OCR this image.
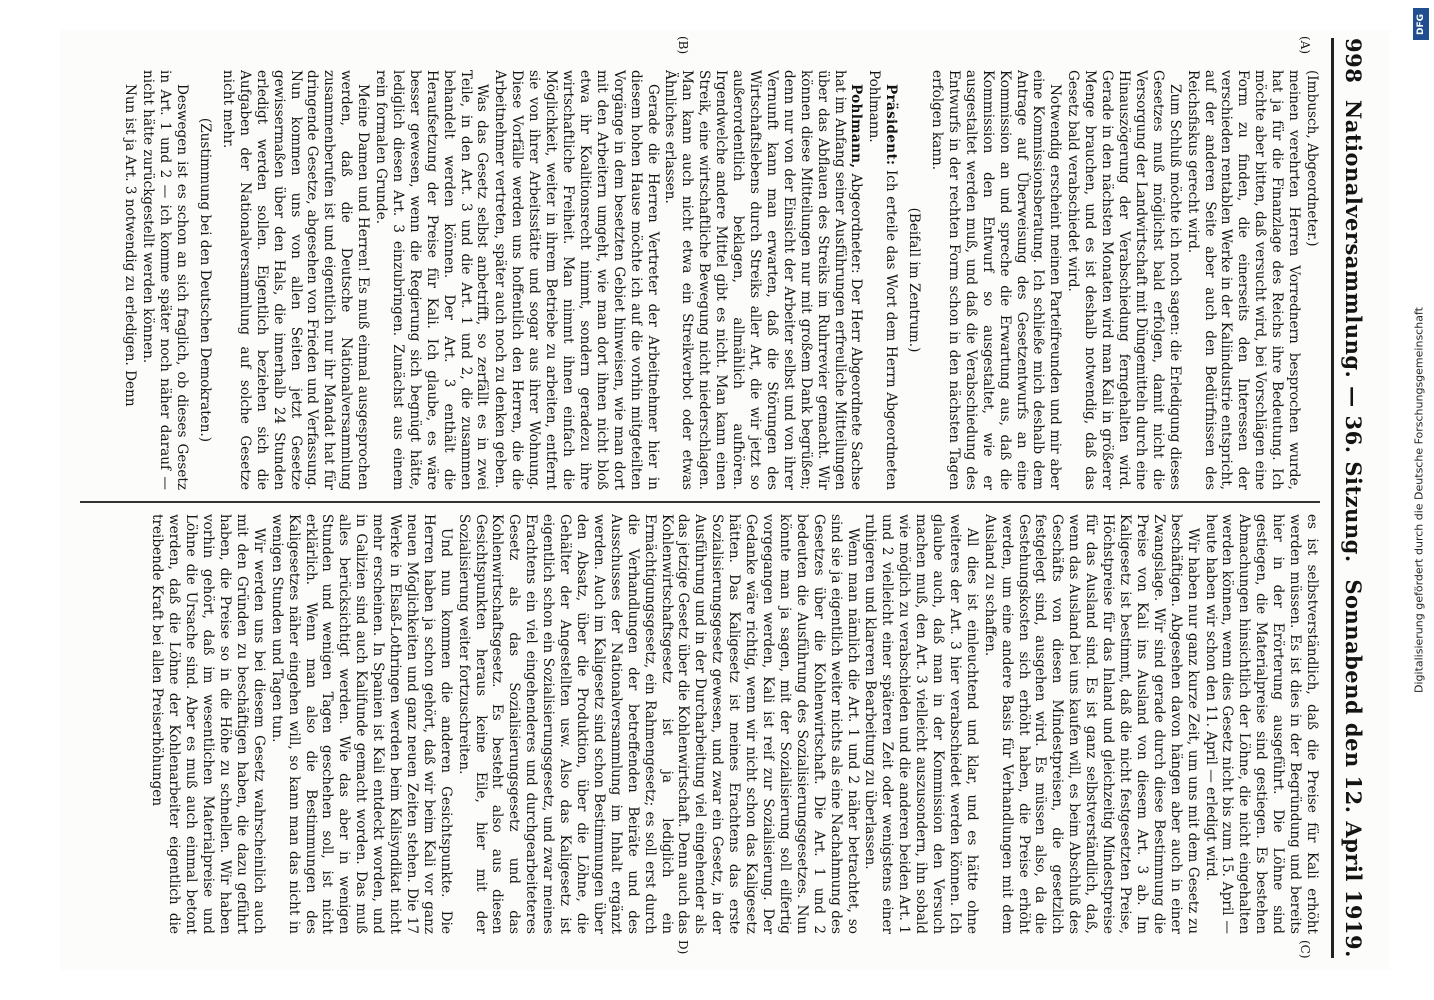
998
Nationalversammlung. — 36. Sitzung.
Sonnabend den 12. April 1919.
(A)
(B)
(C)
D)

(Imbusch, Abgeordneter.)

meinen verehrten Herren Vorrednern besprochen wurde, hat ja für die Finanzlage des Reichs ihre Bedeutung. Ich möchte aber bitten, daß versucht wird, bei Vorschlägen eine Form zu finden, die einerseits den Interessen der verschieden rentablen Werke in der Kaliindustrie entspricht, auf der anderen Seite aber auch den Bedürfnissen des Reichsfiskus gerecht wird.

Zum Schluß möchte ich noch sagen: die Erledigung dieses Gesetzes muß möglichst bald erfolgen, damit nicht die Versorgung der Landwirtschaft mit Düngemitteln durch eine Hinauszögerung der Verabschiedung ferngehalten wird. Gerade in den nächsten Monaten wird man Kali in größerer Menge brauchen, und es ist deshalb notwendig, daß das Gesetz bald verabschiedet wird.

Notwendig erscheint meinen Parteifreunden und mir aber eine Kommissionsberatung. Ich schließe mich deshalb dem Antrage auf Überweisung des Gesetzentwurfs an eine Kommission an und spreche die Erwartung aus, daß die Kommission den Entwurf so ausgestaltet, wie er ausgestaltet werden muß, und daß die Verabschiedung des Entwurfs in der rechten Form schon in den nächsten Tagen erfolgen kann.

(Beifall im Zentrum.)

Präsident: Ich erteile das Wort dem Herrn Abgeordneten Pohlmann.

Pohlmann, Abgeordneter: Der Herr Abgeordnete Sachse hat im Anfang seiner Ausführungen erfreuliche Mitteilungen über das Abflauen des Streiks im Ruhrrevier gemacht. Wir können diese Mitteilungen nur mit großem Dank begrüßen; denn nur von der Einsicht der Arbeiter selbst und von ihrer Vernunft kann man erwarten, daß die Störungen des Wirtschaftslebens durch Streiks aller Art, die wir jetzt so außerordentlich beklagen, allmählich aufhören. Irgendwelche andere Mittel gibt es nicht. Man kann einen Streik, eine wirtschaftliche Bewegung nicht niederschlagen. Man kann auch nicht etwa ein Streikverbot oder etwas Ähnliches erlassen.

Gerade die Herren Vertreter der Arbeitnehmer hier in diesem hohen Hause möchte ich auf die vorhin mitgeteilten Vorgänge in dem besetzten Gebiet hinweisen, wie man dort mit den Arbeitern umgeht, wie man dort ihnen nicht bloß etwa ihr Koalitionsrecht nimmt, sondern geradezu ihre wirtschaftliche Freiheit. Man nimmt ihnen einfach die Möglichkeit, weiter in ihrem Betriebe zu arbeiten, entfernt sie von ihrer Arbeitsstätte und sogar aus ihrer Wohnung. Diese Vorfälle werden uns hoffentlich den Herren, die die Arbeitnehmer vertreten, später auch noch zu denken geben.

Was das Gesetz selbst anbetrifft, so zerfällt es in zwei Teile, in den Art. 3 und die Art. 1 und 2, die zusammen behandelt werden können. Der Art. 3 enthält die Heraufsetzung der Preise für Kali. Ich glaube, es wäre besser gewesen, wenn die Regierung sich begnügt hätte, lediglich diesen Art. 3 einzubringen. Zunächst aus einem rein formalen Grunde.

Meine Damen und Herren! Es muß einmal ausgesprochen werden, daß die Deutsche Nationalversammlung zusammenberufen ist und eigentlich nur ihr Mandat hat für dringende Gesetze, abgesehen von Frieden und Verfassung. Nun kommen uns von allen Seiten jetzt Gesetze gewissermaßen über den Hals, die innerhalb 24 Stunden erledigt werden sollen. Eigentlich beziehen sich die Aufgaben der Nationalversammlung auf solche Gesetze nicht mehr.

(Zustimmung bei den Deutschen Demokraten.)

Deswegen ist es schon an sich fraglich, ob dieses Gesetz in Art. 1 und 2 — ich komme später noch näher darauf — nicht hätte zurückgestellt werden können.

Nun ist ja Art. 3 notwendig zu erledigen. Denn

es ist selbstverständlich, daß die Preise für Kali erhöht werden müssen. Es ist dies in der Begründung und bereits hier in der Erörterung ausgeführt. Die Löhne sind gestiegen, die Materialpreise sind gestiegen. Es bestehen Abmachungen hinsichtlich der Löhne, die nicht eingehalten werden können, wenn dies Gesetz nicht bis zum 15. April — heute haben wir schon den 11. April — erledigt wird.

Wir haben nur ganz kurze Zeit, um uns mit dem Gesetz zu beschäftigen. Abgesehen davon hängen aber auch in einer Zwangslage. Wir sind gerade durch diese Bestimmung die Preise von Kali ins Ausland von diesem Art. 3 ab. Im Kaligesetz ist bestimmt, daß die nicht festgesetzten Preise, Höchstpreise für das Inland und gleichzeitig Mindestpreise für das Ausland sind. Es ist ganz selbstverständlich, daß, wenn das Ausland bei uns kaufen will, es beim Abschluß des Geschäfts von diesen Mindestpreisen, die gesetzlich festgelegt sind, ausgehen wird. Es müssen also, da die Gestehungskosten sich erhöht haben, die Preise erhöht werden, um eine andere Basis für Verhandlungen mit dem Ausland zu schaffen.

All dies ist einleuchtend und klar, und es hätte ohne weiteres der Art. 3 hier verabschiedet werden können. Ich glaube auch, daß man in der Kommission den Versuch machen muß, den Art. 3 vielleicht auszusondern, ihn sobald wie möglich zu verabschieden und die anderen beiden Art. 1 und 2 vielleicht einer späteren Zeit oder wenigstens einer ruhigeren und klareren Bearbeitung zu überlassen.

Wenn man nämlich die Art. 1 und 2 näher betrachtet, so sind sie ja eigentlich weiter nichts als eine Nachahmung des Gesetzes über die Kohlenwirtschaft. Die Art. 1 und 2 bedeuten die Ausführung des Sozialisierungsgesetzes. Nun könnte man ja sagen, mit der Sozialisierung soll eilfertig vorgegangen werden, Kali ist reif zur Sozialisierung. Der Gedanke wäre richtig, wenn wir nicht schon das Kaligesetz hätten. Das Kaligesetz ist meines Erachtens das erste Sozialisierungsgesetz gewesen, und zwar ein Gesetz, in der Ausführung und in der Durcharbeitung viel eingehender als das jetzige Gesetz über die Kohlenwirtschaft. Denn auch das Kohlenwirtschaftsgesetz ist ja lediglich ein Ermächtigungsgesetz, ein Rahmengesetz; es soll erst durch die Verhandlungen der betreffenden Beiräte und des Ausschusses der Nationalversammlung im Inhalt ergänzt werden. Auch im Kaligesetz sind schon Bestimmungen über den Absatz, über die Produktion, über die Löhne, die Gehälter der Angestellten usw. Also das Kaligesetz ist eigentlich schon ein Sozialisierungsgesetz, und zwar meines Erachtens ein viel eingehenderes und durchgearbeiteteres Gesetz als das Sozialisierungsgesetz und das Kohlenwirtschaftsgesetz. Es besteht also aus diesen Gesichtspunkten heraus keine Eile, hier mit der Sozialisierung weiter fortzuschreiten.

Und nun kommen die anderen Gesichtspunkte. Die Herren haben ja schon gehört, daß wir beim Kali vor ganz neuen Möglichkeiten und ganz neuen Zeiten stehen. Die 17 Werke in Elsaß-Lothringen werden beim Kalisyndikat nicht mehr erscheinen. In Spanien ist Kali entdeckt worden, und in Galizien sind auch Kalifunde gemacht worden. Das muß alles berücksichtigt werden. Wie das aber in wenigen Stunden und wenigen Tagen geschehen soll, ist nicht erklärlich. Wenn man also die Bestimmungen des Kaligesetzes näher eingehen will, so kann man das nicht in wenigen Stunden und Tagen tun.

Wir werden uns bei diesem Gesetz wahrscheinlich auch mit den Gründen zu beschäftigen haben, die dazu geführt haben, die Preise so in die Höhe zu schnellen. Wir haben vorhin gehört, daß im wesentlichen Materialpreise und Löhne die Ursache sind. Aber es muß auch einmal betont werden, daß die Löhne der Kohlenarbeiter eigentlich die treibende Kraft bei allen Preiserhöhungen	Digitalisierung gefördert durch die Deutsche Forschungsgemeinschaft
DFG
